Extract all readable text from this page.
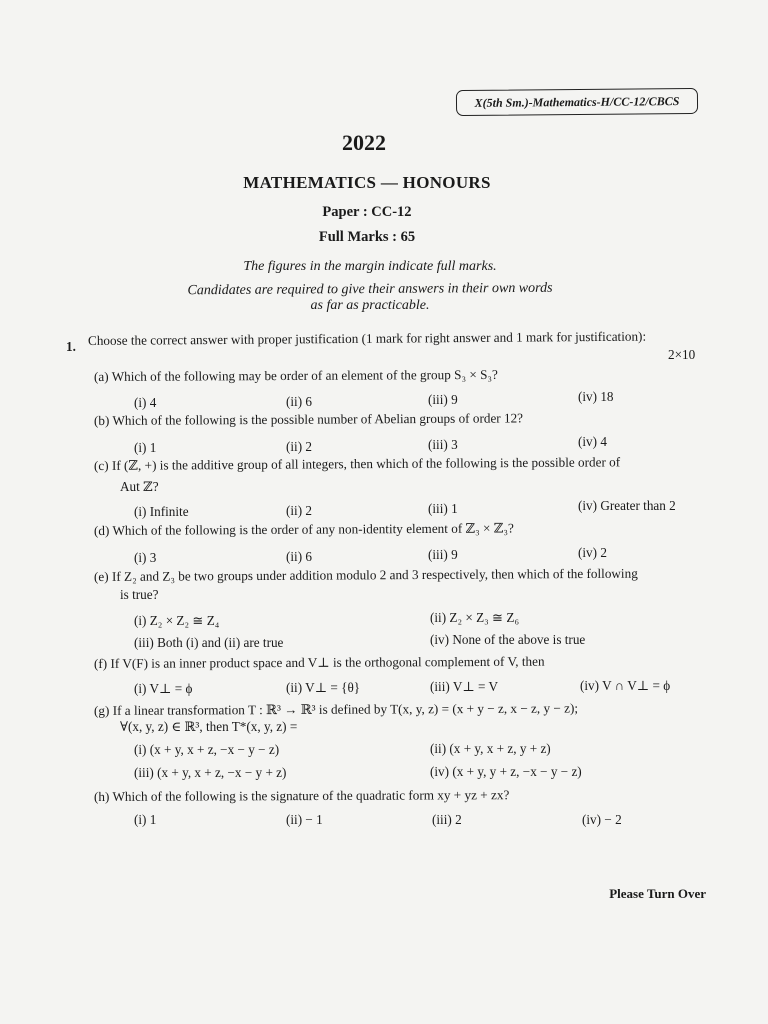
X(5th Sm.)-Mathematics-H/CC-12/CBCS
2022
MATHEMATICS — HONOURS
Paper : CC-12
Full Marks : 65
The figures in the margin indicate full marks.
Candidates are required to give their answers in their own words
as far as practicable.
1. Choose the correct answer with proper justification (1 mark for right answer and 1 mark for justification):
2×10
(a) Which of the following may be order of an element of the group S₃ × S₃?
(i) 4	(ii) 6	(iii) 9	(iv) 18
(b) Which of the following is the possible number of Abelian groups of order 12?
(i) 1	(ii) 2	(iii) 3	(iv) 4
(c) If (ℤ, +) is the additive group of all integers, then which of the following is the possible order of
Aut ℤ?
(i) Infinite	(ii) 2	(iii) 1	(iv) Greater than 2
(d) Which of the following is the order of any non-identity element of ℤ₃ × ℤ₃?
(i) 3	(ii) 6	(iii) 9	(iv) 2
(e) If Z₂ and Z₃ be two groups under addition modulo 2 and 3 respectively, then which of the following
is true?
(i) Z₂ × Z₂ ≅ Z₄	(ii) Z₂ × Z₃ ≅ Z₆
(iii) Both (i) and (ii) are true	(iv) None of the above is true
(f) If V(F) is an inner product space and V⊥ is the orthogonal complement of V, then
(i) V⊥ = ϕ	(ii) V⊥ = {θ}	(iii) V⊥ = V	(iv) V ∩ V⊥ = ϕ
(g) If a linear transformation T : ℝ³ → ℝ³ is defined by T(x, y, z) = (x + y − z, x − z, y − z);
∀(x, y, z) ∈ ℝ³, then T*(x, y, z) =
(i) (x + y, x + z, −x − y − z)	(ii) (x + y, x + z, y + z)
(iii) (x + y, x + z, −x − y + z)	(iv) (x + y, y + z, −x − y − z)
(h) Which of the following is the signature of the quadratic form xy + yz + zx?
(i) 1	(ii) − 1	(iii) 2	(iv) − 2
Please Turn Over
